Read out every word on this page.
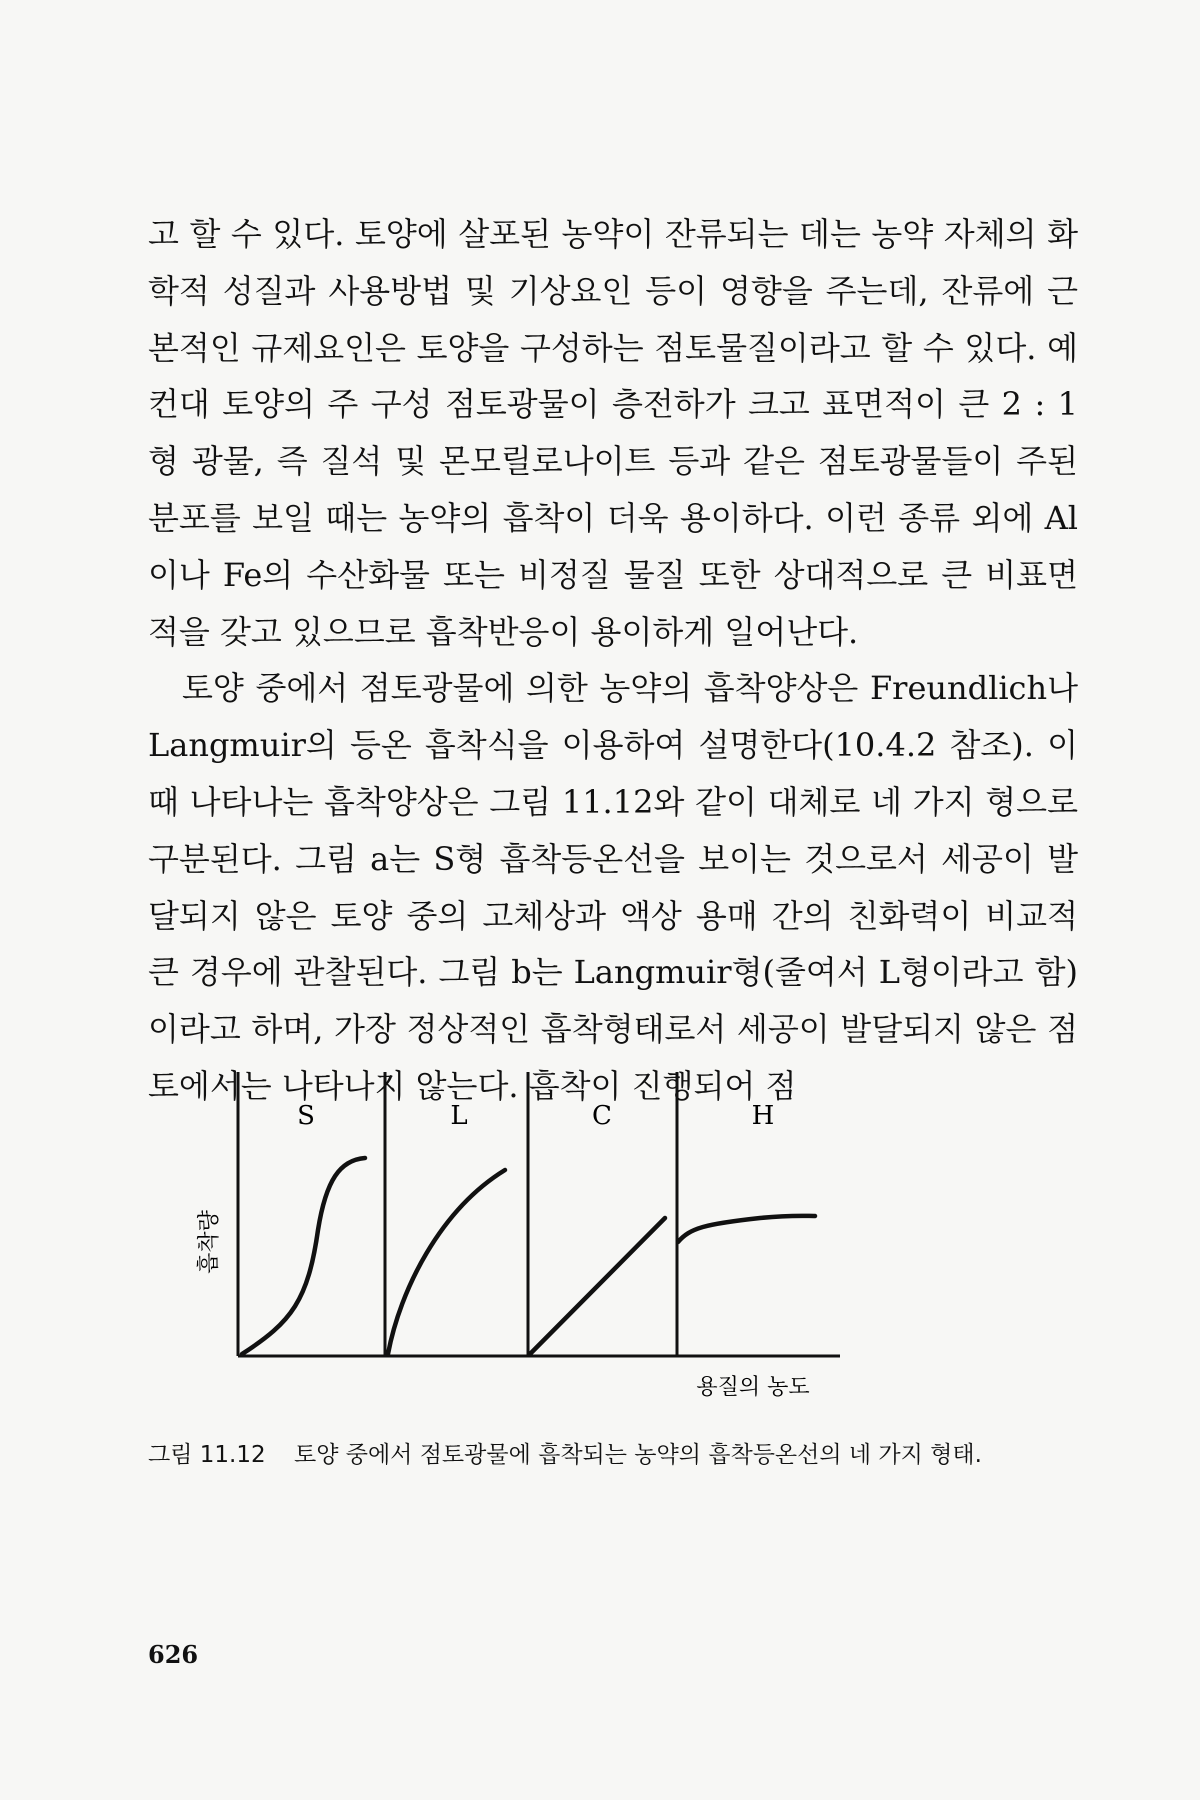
고 할 수 있다. 토양에 살포된 농약이 잔류되는 데는 농약 자체의 화학적 성질과 사용방법 및 기상요인 등이 영향을 주는데, 잔류에 근본적인 규제요인은 토양을 구성하는 점토물질이라고 할 수 있다. 예컨대 토양의 주 구성 점토광물이 층전하가 크고 표면적이 큰 2 : 1형 광물, 즉 질석 및 몬모릴로나이트 등과 같은 점토광물들이 주된 분포를 보일 때는 농약의 흡착이 더욱 용이하다. 이런 종류 외에 Al이나 Fe의 수산화물 또는 비정질 물질 또한 상대적으로 큰 비표면적을 갖고 있으므로 흡착반응이 용이하게 일어난다.

토양 중에서 점토광물에 의한 농약의 흡착양상은 Freundlich나 Langmuir의 등온 흡착식을 이용하여 설명한다(10.4.2 참조). 이 때 나타나는 흡착양상은 그림 11.12와 같이 대체로 네 가지 형으로 구분된다. 그림 a는 S형 흡착등온선을 보이는 것으로서 세공이 발달되지 않은 토양 중의 고체상과 액상 용매 간의 친화력이 비교적 큰 경우에 관찰된다. 그림 b는 Langmuir형(줄여서 L형이라고 함)이라고 하며, 가장 정상적인 흡착형태로서 세공이 발달되지 않은 점토에서는 나타나지 않는다. 흡착이 진행되어 점

S	L	C	H
흡착량
용질의 농도
그림 11.12	토양 중에서 점토광물에 흡착되는 농약의 흡착등온선의 네 가지 형태.
626
